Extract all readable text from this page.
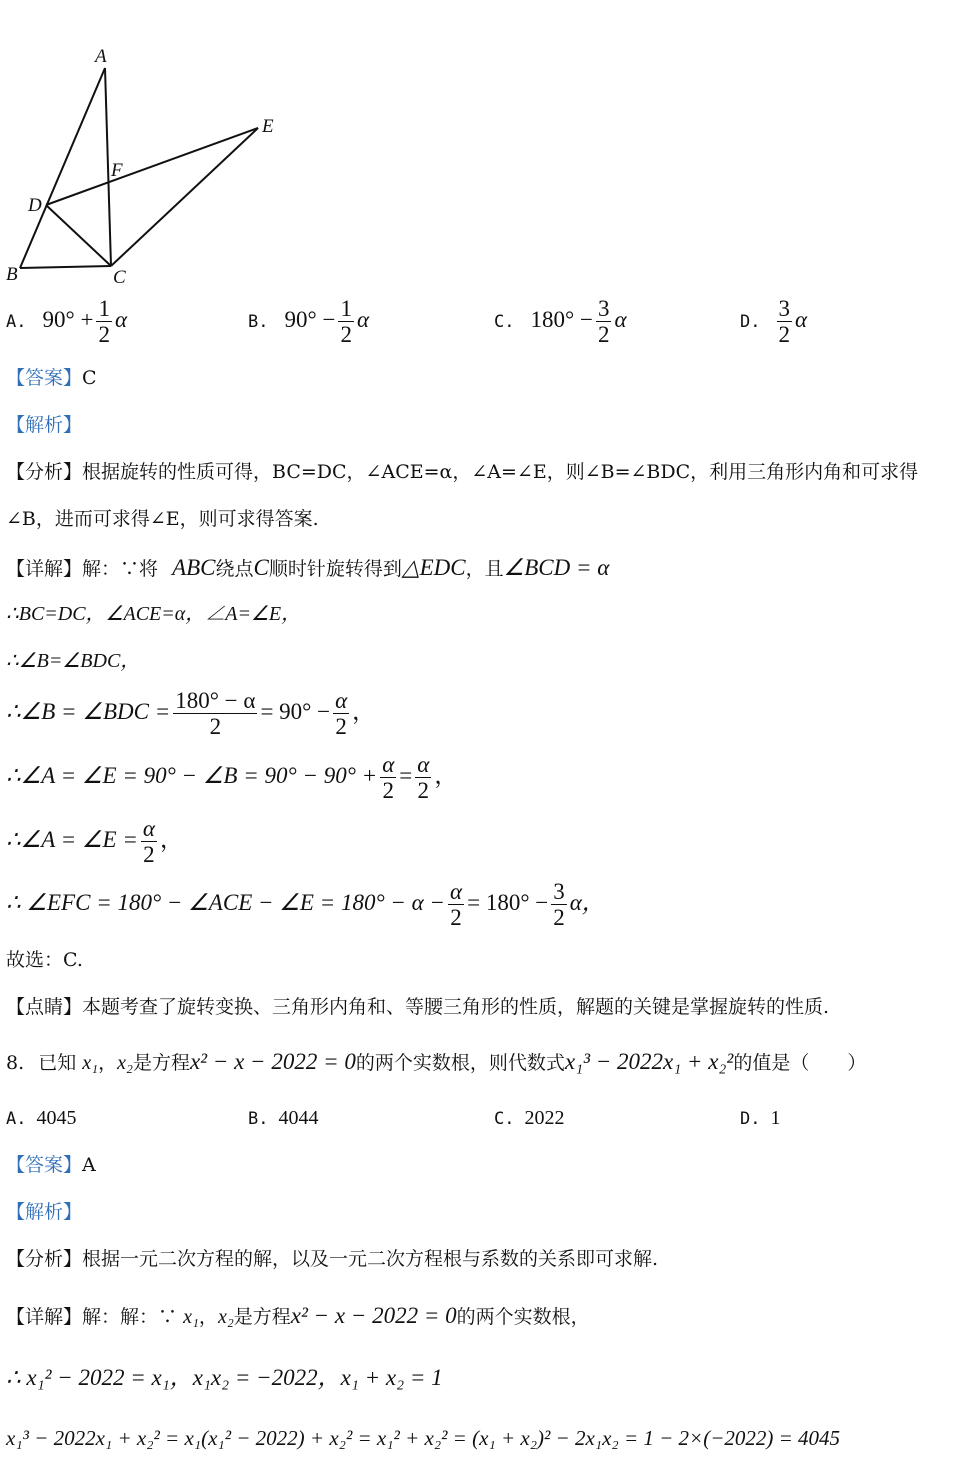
A
E
F
D
B	C
A. $90^\circ + \frac{1}{2}$ α	B. $90^\circ - \frac{1}{2}$ α	C. $180^\circ - \frac{3}{2}$ α	D. $\frac{3}{2}$ α
【答案】C
【解析】
【分析】根据旋转的性质可得，BC=DC，∠ACE=α，∠A=∠E，则∠B=∠BDC，利用三角形内角和可求得
∠B，进而可求得∠E，则可求得答案.
【详解】解：∵将 ABC绕点C顺时针旋转得到△EDC，且∠BCD = α
∴BC=DC，∠ACE=α，∠A=∠E，
∴∠B=∠BDC，
∴∠B = ∠BDC = $\frac{180^\circ - \alpha}{2} = 90^\circ - \frac{\alpha}{2}$ ，
∴∠A = ∠E = 90° − ∠B = $90^\circ - 90^\circ + \frac{\alpha}{2} = \frac{\alpha}{2}$ ，
∴∠A = ∠E = $\frac{\alpha}{2}$ ，
∴ ∠EFC = 180° − ∠ACE − ∠E = $180^\circ - \alpha - \frac{\alpha}{2} = 180^\circ - \frac{3}{2}$ α，
故选：C.
【点睛】本题考查了旋转变换、三角形内角和、等腰三角形的性质，解题的关键是掌握旋转的性质.
8. 已知 x₁，x₂是方程x² − x − 2022 = 0的两个实数根，则代数式x₁³ − 2022x₁ + x₂²的值是（　　）
A. 4045	B. 4044	C. 2022	D. 1
【答案】A
【解析】
【分析】根据一元二次方程的解，以及一元二次方程根与系数的关系即可求解.
【详解】解：解：∵ x₁，x₂是方程x² − x − 2022 = 0的两个实数根，
∴ x₁² − 2022 = x₁，x₁x₂ = −2022，x₁ + x₂ = 1
x₁³ − 2022x₁ + x₂² = x₁(x₁² − 2022) + x₂² = x₁² + x₂² = (x₁ + x₂)² − 2x₁x₂ = 1 − 2×(−2022) = 4045
